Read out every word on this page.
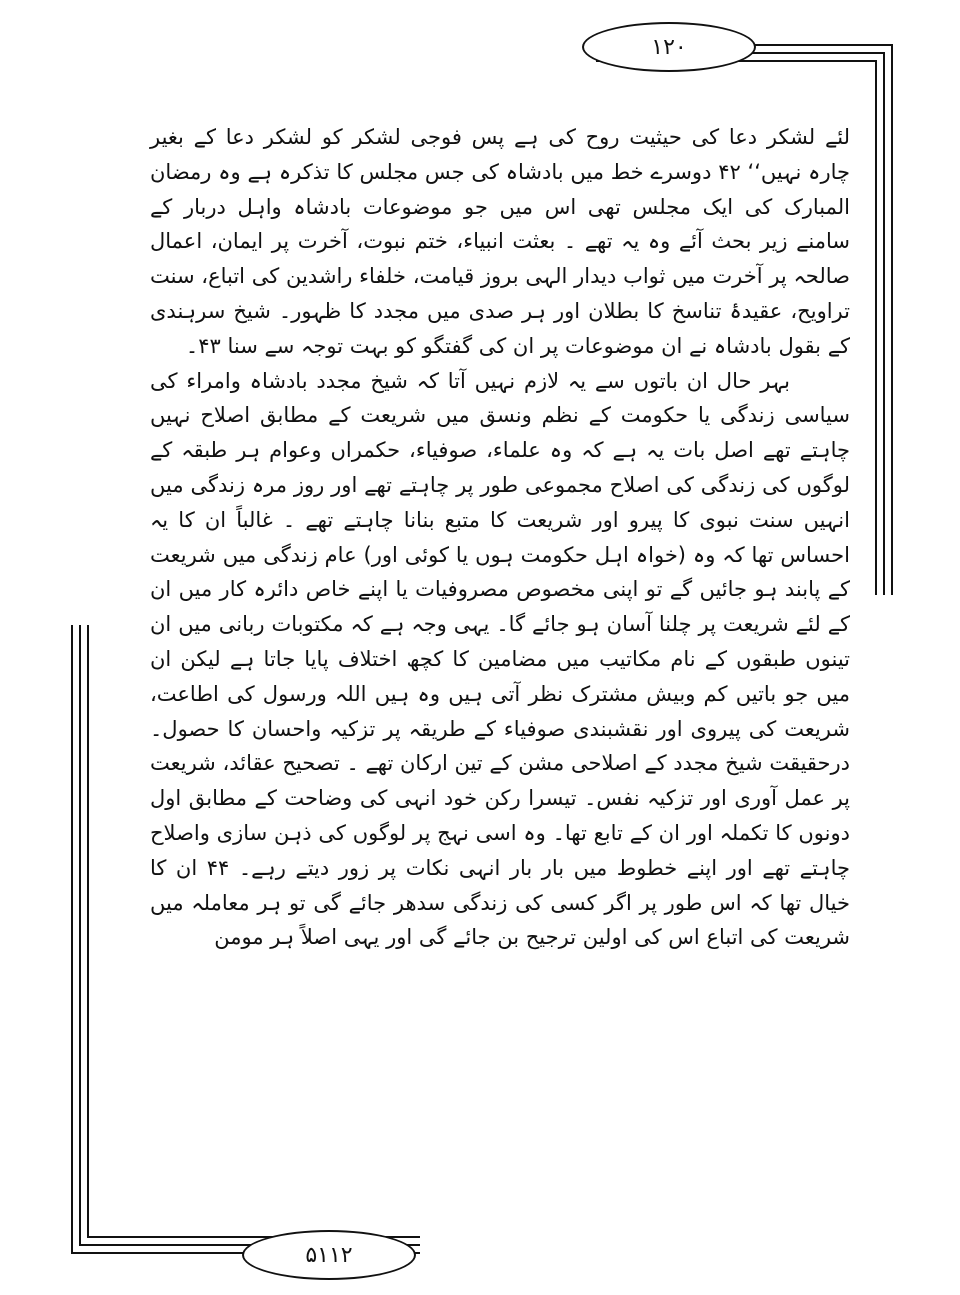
۱۲۰

لئے لشکر دعا کی حیثیت روح کی ہے پس فوجی لشکر کو لشکر دعا کے بغیر چارہ نہیں‘‘ ۴۲ دوسرے خط میں بادشاہ کی جس مجلس کا تذکرہ ہے وہ رمضان المبارک کی ایک مجلس تھی اس میں جو موضوعات بادشاہ واہل دربار کے سامنے زیر بحث آئے وہ یہ تھے ۔ بعثت انبیاء، ختم نبوت، آخرت پر ایمان، اعمال صالحہ پر آخرت میں ثواب دیدار الہی بروز قیامت، خلفاء راشدین کی اتباع، سنت تراویح، عقیدۂ تناسخ کا بطلان اور ہر صدی میں مجدد کا ظہور۔ شیخ سرہندی کے بقول بادشاہ نے ان موضوعات پر ان کی گفتگو کو بہت توجہ سے سنا ۴۳۔

بہر حال ان باتوں سے یہ لازم نہیں آتا کہ شیخ مجدد بادشاہ وامراء کی سیاسی زندگی یا حکومت کے نظم ونسق میں شریعت کے مطابق اصلاح نہیں چاہتے تھے اصل بات یہ ہے کہ وہ علماء، صوفیاء، حکمراں وعوام ہر طبقہ کے لوگوں کی زندگی کی اصلاح مجموعی طور پر چاہتے تھے اور روز مرہ زندگی میں انہیں سنت نبوی کا پیرو اور شریعت کا متبع بنانا چاہتے تھے ۔ غالباً ان کا یہ احساس تھا کہ وہ (خواہ اہل حکومت ہوں یا کوئی اور) عام زندگی میں شریعت کے پابند ہو جائیں گے تو اپنی مخصوص مصروفیات یا اپنے خاص دائرہ کار میں ان کے لئے شریعت پر چلنا آسان ہو جائے گا۔ یہی وجہ ہے کہ مکتوبات ربانی میں ان تینوں طبقوں کے نام مکاتیب میں مضامین کا کچھ اختلاف پایا جاتا ہے لیکن ان میں جو باتیں کم وبیش مشترک نظر آتی ہیں وہ ہیں اللہ ورسول کی اطاعت، شریعت کی پیروی اور نقشبندی صوفیاء کے طریقہ پر تزکیہ واحسان کا حصول۔ درحقیقت شیخ مجدد کے اصلاحی مشن کے تین ارکان تھے ۔ تصحیح عقائد، شریعت پر عمل آوری اور تزکیہ نفس۔ تیسرا رکن خود انہی کی وضاحت کے مطابق اول دونوں کا تکملہ اور ان کے تابع تھا۔ وہ اسی نہج پر لوگوں کی ذہن سازی واصلاح چاہتے تھے اور اپنے خطوط میں بار بار انہی نکات پر زور دیتے رہے۔ ۴۴ ان کا خیال تھا کہ اس طور پر اگر کسی کی زندگی سدھر جائے گی تو ہر معاملہ میں شریعت کی اتباع اس کی اولین ترجیح بن جائے گی اور یہی اصلاً ہر مومن

۵۱۱۲
